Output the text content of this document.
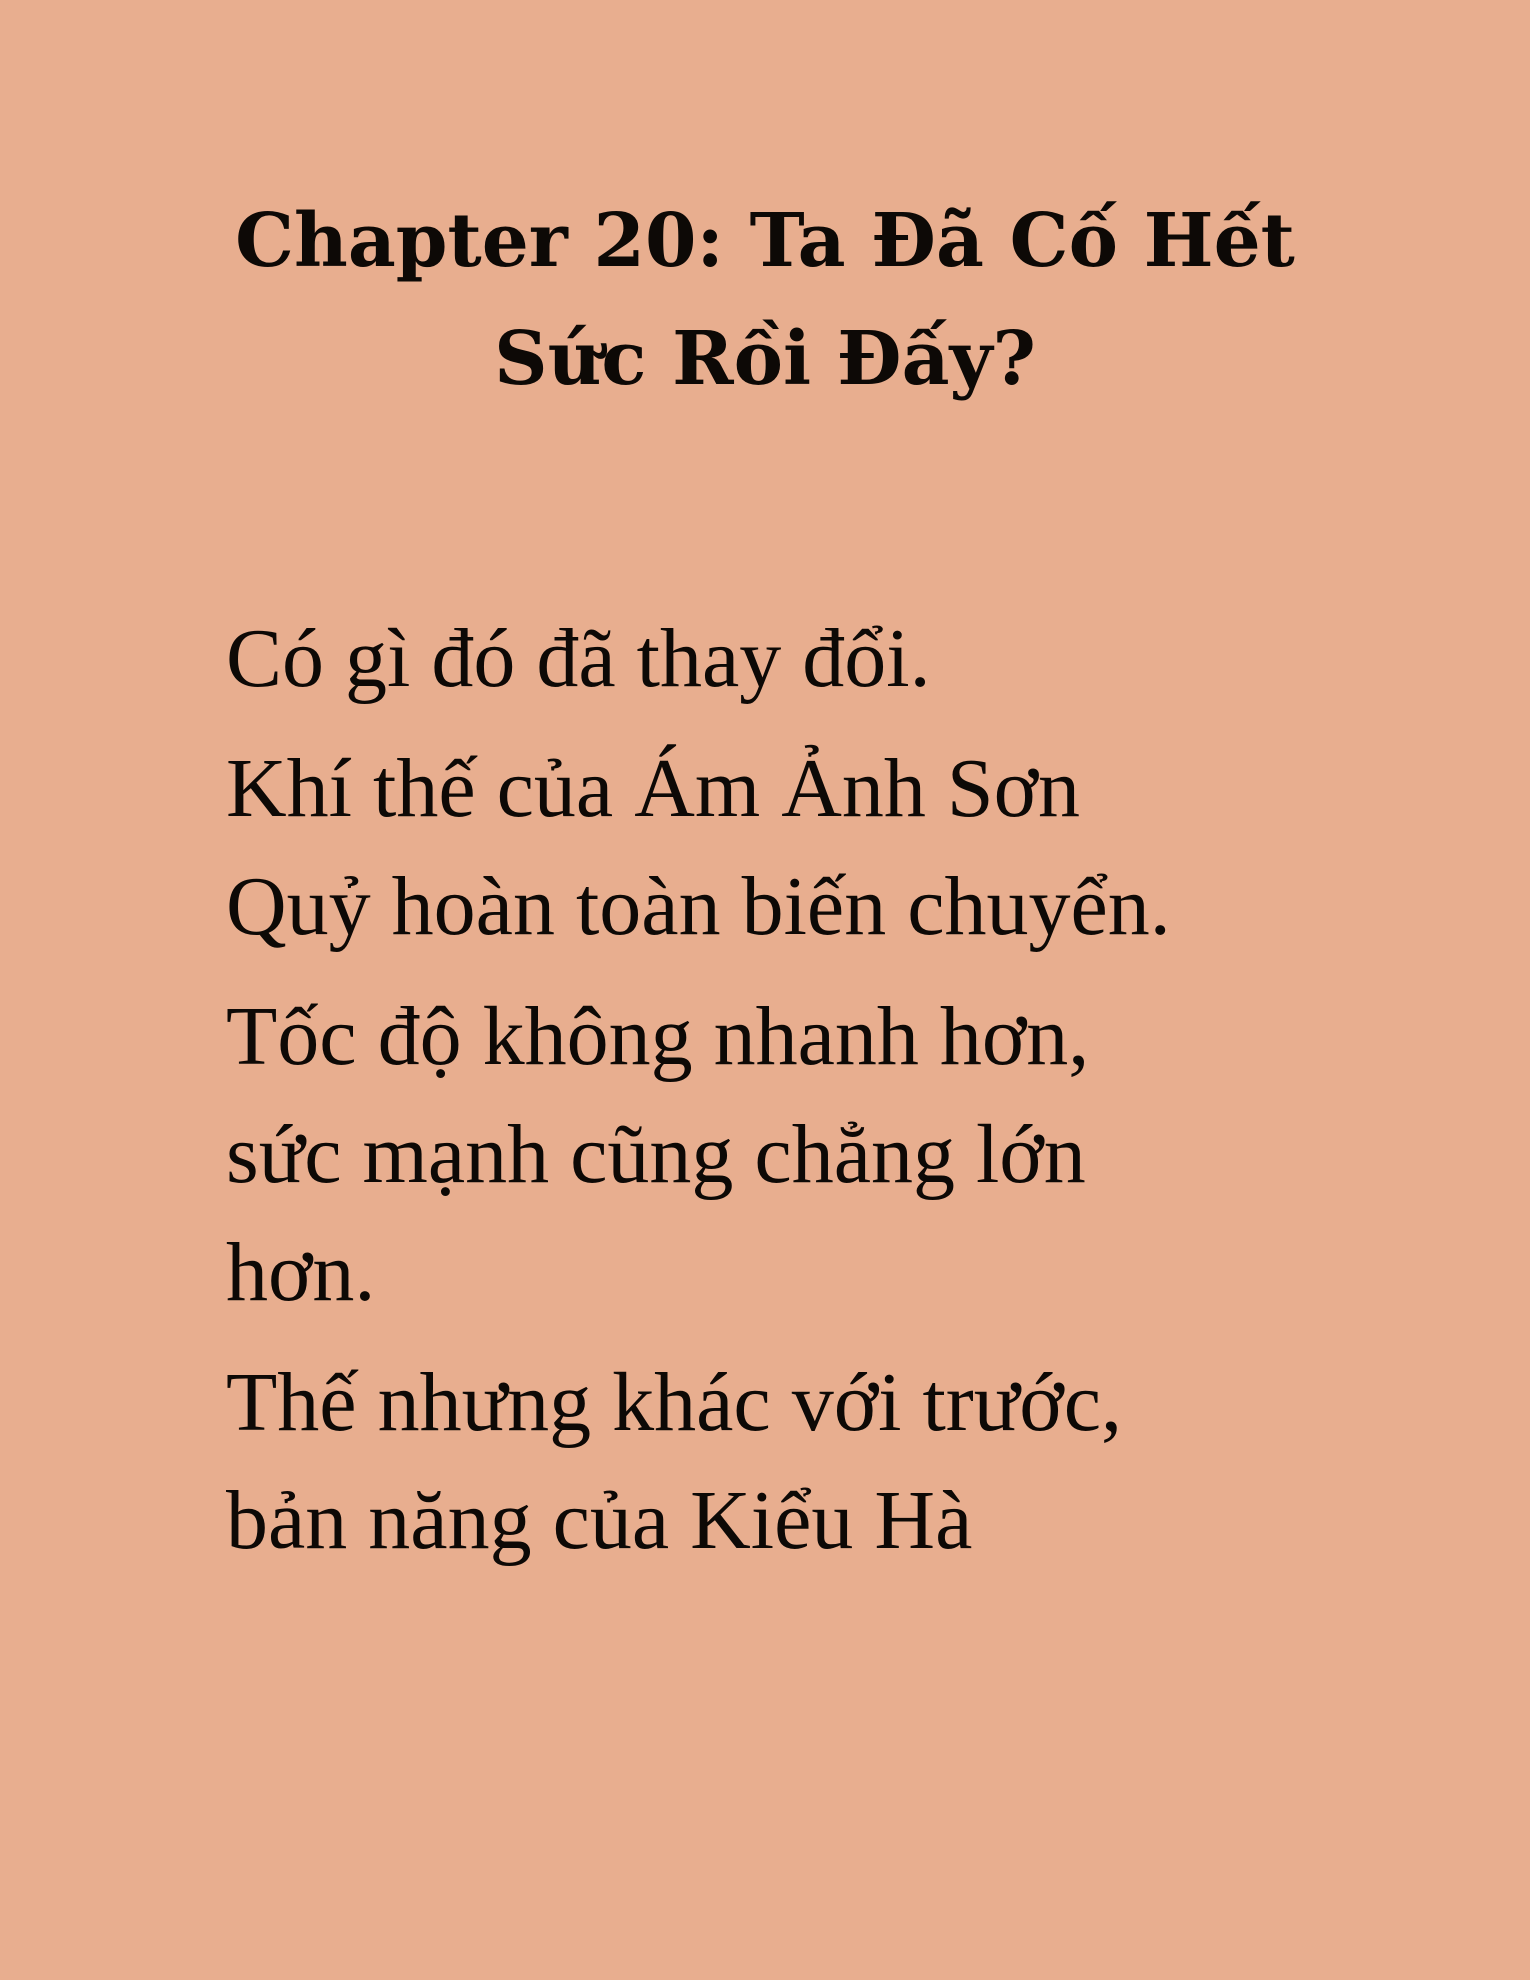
Chapter 20: Ta Đã Cố Hết
Sức Rồi Đấy?

Có gì đó đã thay đổi.

Khí thế của Ám Ảnh Sơn
Quỷ hoàn toàn biến chuyển.

Tốc độ không nhanh hơn,
sức mạnh cũng chẳng lớn
hơn.

Thế nhưng khác với trước,
bản năng của Kiểu Hà
